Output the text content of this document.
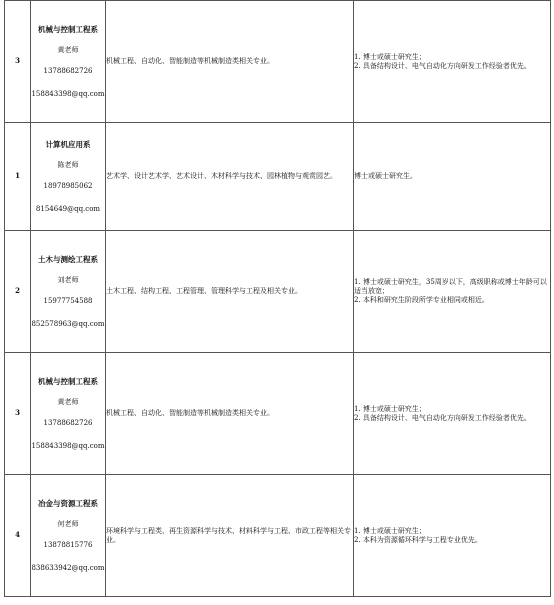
3	机械与控制工程系
黄老师
13788682726
158843398@qq.com	机械工程、自动化、智能制造等机械制造类相关专业。	1. 博士或硕士研究生；
2. 具备结构设计、电气自动化方向研发工作经验者优先。

1	计算机应用系
陈老师
18978985062
8154649@qq.com	艺术学、设计艺术学、艺术设计、木材科学与技术、园林植物与观赏园艺。	博士或硕士研究生。

2	土木与测绘工程系
刘老师
15977754588
852578963@qq.com	土木工程、结构工程、工程管理、管理科学与工程及相关专业。	1. 博士或硕士研究生，35周岁以下，高级职称或博士年龄可以适当放宽；
2. 本科和研究生阶段所学专业相同或相近。

3	机械与控制工程系
黄老师
13788682726
158843398@qq.com	机械工程、自动化、智能制造等机械制造类相关专业。	1. 博士或硕士研究生；
2. 具备结构设计、电气自动化方向研发工作经验者优先。

4	冶金与资源工程系
何老师
13878815776
838633942@qq.com	环境科学与工程类、再生资源科学与技术、材料科学与工程、市政工程等相关专业。	1. 博士或硕士研究生；
2. 本科为资源循环科学与工程专业优先。
